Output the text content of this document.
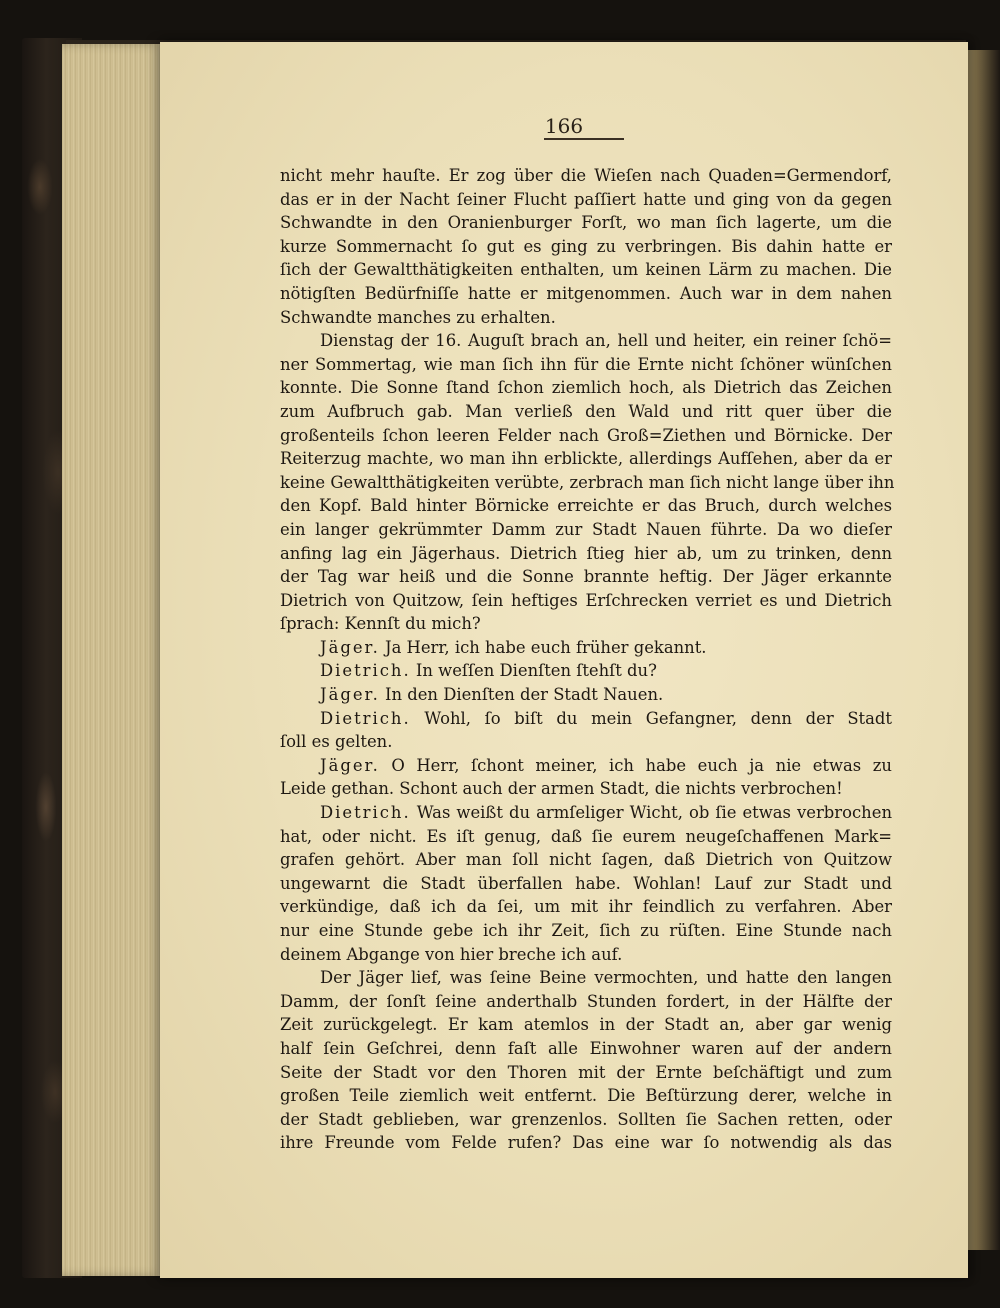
166
nicht mehr hauſte. Er zog über die Wieſen nach Quaden=Germendorf,
das er in der Nacht ſeiner Flucht paſſiert hatte und ging von da gegen
Schwandte in den Oranienburger Forſt, wo man ſich lagerte, um die
kurze Sommernacht ſo gut es ging zu verbringen. Bis dahin hatte er
ſich der Gewaltthätigkeiten enthalten, um keinen Lärm zu machen. Die
nötigſten Bedürfniſſe hatte er mitgenommen. Auch war in dem nahen
Schwandte manches zu erhalten.
Dienstag der 16. Auguſt brach an, hell und heiter, ein reiner ſchö=
ner Sommertag, wie man ſich ihn für die Ernte nicht ſchöner wünſchen
konnte. Die Sonne ſtand ſchon ziemlich hoch, als Dietrich das Zeichen
zum Aufbruch gab. Man verließ den Wald und ritt quer über die
großenteils ſchon leeren Felder nach Groß=Ziethen und Börnicke. Der
Reiterzug machte, wo man ihn erblickte, allerdings Aufſehen, aber da er
keine Gewaltthätigkeiten verübte, zerbrach man ſich nicht lange über ihn
den Kopf. Bald hinter Börnicke erreichte er das Bruch, durch welches
ein langer gekrümmter Damm zur Stadt Nauen führte. Da wo dieſer
anfing lag ein Jägerhaus. Dietrich ſtieg hier ab, um zu trinken, denn
der Tag war heiß und die Sonne brannte heftig. Der Jäger erkannte
Dietrich von Quitzow, ſein heftiges Erſchrecken verriet es und Dietrich
ſprach: Kennſt du mich?
Jäger. Ja Herr, ich habe euch früher gekannt.
Dietrich. In weſſen Dienſten ſtehſt du?
Jäger. In den Dienſten der Stadt Nauen.
Dietrich. Wohl, ſo biſt du mein Gefangner, denn der Stadt
ſoll es gelten.
Jäger. O Herr, ſchont meiner, ich habe euch ja nie etwas zu
Leide gethan. Schont auch der armen Stadt, die nichts verbrochen!
Dietrich. Was weißt du armſeliger Wicht, ob ſie etwas verbrochen
hat, oder nicht. Es iſt genug, daß ſie eurem neugeſchaffenen Mark=
grafen gehört. Aber man ſoll nicht ſagen, daß Dietrich von Quitzow
ungewarnt die Stadt überfallen habe. Wohlan! Lauf zur Stadt und
verkündige, daß ich da ſei, um mit ihr feindlich zu verfahren. Aber
nur eine Stunde gebe ich ihr Zeit, ſich zu rüſten. Eine Stunde nach
deinem Abgange von hier breche ich auf.
Der Jäger lief, was ſeine Beine vermochten, und hatte den langen
Damm, der ſonſt ſeine anderthalb Stunden fordert, in der Hälfte der
Zeit zurückgelegt. Er kam atemlos in der Stadt an, aber gar wenig
half ſein Geſchrei, denn faſt alle Einwohner waren auf der andern
Seite der Stadt vor den Thoren mit der Ernte beſchäftigt und zum
großen Teile ziemlich weit entfernt. Die Beſtürzung derer, welche in
der Stadt geblieben, war grenzenlos. Sollten ſie Sachen retten, oder
ihre Freunde vom Felde rufen? Das eine war ſo notwendig als das
